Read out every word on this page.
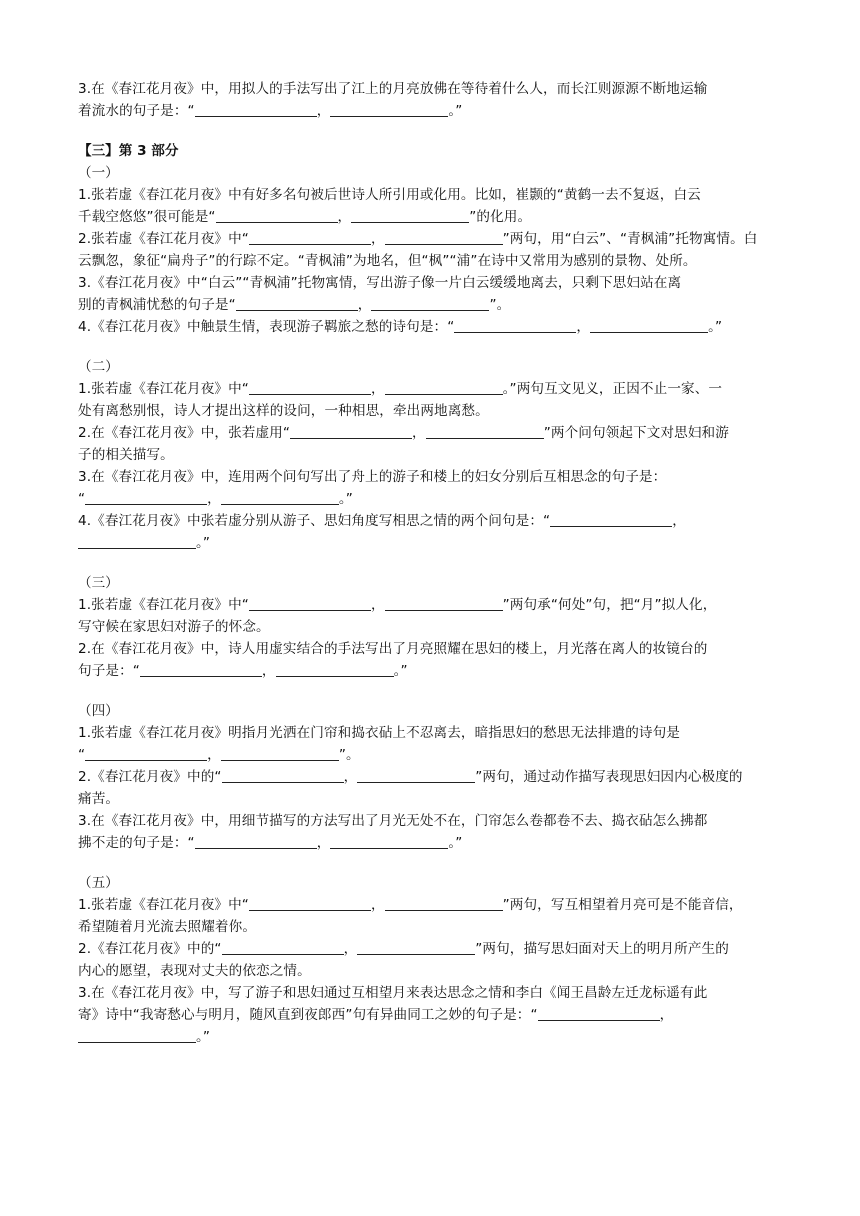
3.在《春江花月夜》中，用拟人的手法写出了江上的月亮放佛在等待着什么人，而长江则源源不断地运输
着流水的句子是：“	，	。”
【三】第 3 部分
（一）
1.张若虚《春江花月夜》中有好多名句被后世诗人所引用或化用。比如，崔颢的“黄鹤一去不复返，白云
千载空悠悠”很可能是“	，	”的化用。
2.张若虚《春江花月夜》中“	，	”两句，用“白云”、“青枫浦”托物寓情。白
云飘忽，象征“扁舟子”的行踪不定。“青枫浦”为地名，但“枫”“浦”在诗中又常用为感别的景物、处所。
3.《春江花月夜》中“白云”“青枫浦”托物寓情，写出游子像一片白云缓缓地离去，只剩下思妇站在离
别的青枫浦忧愁的句子是“	，	”。
4.《春江花月夜》中触景生情，表现游子羁旅之愁的诗句是：“	，	。”
（二）
1.张若虚《春江花月夜》中“	，	。”两句互文见义，正因不止一家、一
处有离愁别恨，诗人才提出这样的设问，一种相思，牵出两地离愁。
2.在《春江花月夜》中，张若虚用“	，	”两个问句领起下文对思妇和游
子的相关描写。
3.在《春江花月夜》中，连用两个问句写出了舟上的游子和楼上的妇女分别后互相思念的句子是：
“	，	。”
4.《春江花月夜》中张若虚分别从游子、思妇角度写相思之情的两个问句是：“	，
。”
（三）
1.张若虚《春江花月夜》中“	，	”两句承“何处”句，把“月”拟人化，
写守候在家思妇对游子的怀念。
2.在《春江花月夜》中，诗人用虚实结合的手法写出了月亮照耀在思妇的楼上，月光落在离人的妆镜台的
句子是：“	，	。”
（四）
1.张若虚《春江花月夜》明指月光洒在门帘和捣衣砧上不忍离去，暗指思妇的愁思无法排遣的诗句是
“	，	”。
2.《春江花月夜》中的“	，	”两句，通过动作描写表现思妇因内心极度的
痛苦。
3.在《春江花月夜》中，用细节描写的方法写出了月光无处不在，门帘怎么卷都卷不去、捣衣砧怎么拂都
拂不走的句子是：“	，	。”
（五）
1.张若虚《春江花月夜》中“	，	”两句，写互相望着月亮可是不能音信，
希望随着月光流去照耀着你。
2.《春江花月夜》中的“	，	”两句，描写思妇面对天上的明月所产生的
内心的愿望，表现对丈夫的依恋之情。
3.在《春江花月夜》中，写了游子和思妇通过互相望月来表达思念之情和李白《闻王昌龄左迁龙标遥有此
寄》诗中“我寄愁心与明月，随风直到夜郎西”句有异曲同工之妙的句子是：“	，
。”
